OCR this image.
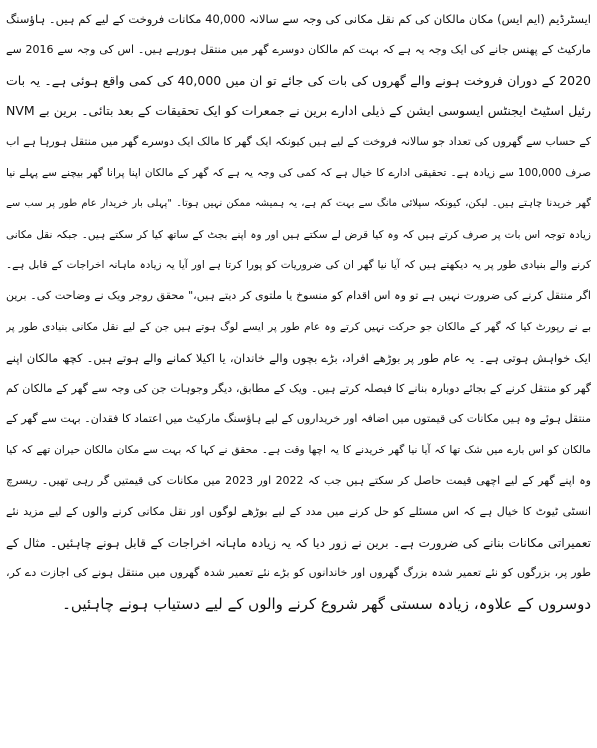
ایسٹرڈیم (ایم ایس) مکان مالکان کی کم نقل مکانی کی وجہ سے سالانہ 40,000 مکانات فروخت کے لیے کم ہیں۔ ہاؤسنگ
مارکیٹ کے پھنس جانے کی ایک وجہ یہ ہے کہ بہت کم مالکان دوسرے گھر میں منتقل ہورہے ہیں۔ اس کی وجہ سے 2016 سے
2020 کے دوران فروخت ہونے والے گھروں کی بات کی جائے تو ان میں 40,000 کی کمی واقع ہوئی ہے۔ یہ بات
NVM رئیل اسٹیٹ ایجنٹس ایسوسی ایشن کے ذیلی ادارے برین نے جمعرات کو ایک تحقیقات کے بعد بتائی۔ برین بے
کے حساب سے گھروں کی تعداد جو سالانہ فروخت کے لیے ہیں کیونکہ ایک گھر کا مالک ایک دوسرے گھر میں منتقل ہورہا ہے اب
صرف 100,000 سے زیادہ ہے۔ تحقیقی ادارے کا خیال ہے کہ کمی کی وجہ یہ ہے کہ گھر کے مالکان اپنا پرانا گھر بیچنے سے پہلے نیا
گھر خریدنا چاہتے ہیں۔ لیکن، کیونکہ سپلائی مانگ سے بہت کم ہے، یہ ہمیشہ ممکن نہیں ہوتا۔ "پہلی بار خریدار عام طور پر سب سے
زیادہ توجہ اس بات پر صرف کرتے ہیں کہ وہ کیا قرض لے سکتے ہیں اور وہ اپنے بجٹ کے ساتھ کیا کر سکتے ہیں۔ جبکہ نقل مکانی
کرنے والے بنیادی طور پر یہ دیکھتے ہیں کہ آیا نیا گھر ان کی ضروریات کو پورا کرتا ہے اور آیا یہ زیادہ ماہانہ اخراجات کے قابل ہے۔
اگر منتقل کرنے کی ضرورت نہیں ہے تو وہ اس اقدام کو منسوخ یا ملتوی کر دیتے ہیں،" محقق روجر ویک نے وضاحت کی۔ برین
بے نے رپورٹ کیا کہ گھر کے مالکان جو حرکت نہیں کرتے وہ عام طور پر ایسے لوگ ہوتے ہیں جن کے لیے نقل مکانی بنیادی طور پر
ایک خواہش ہوتی ہے۔ یہ عام طور پر بوڑھے افراد، بڑے بچوں والے خاندان، یا اکیلا کمانے والے ہوتے ہیں۔ کچھ مالکان اپنے
گھر کو منتقل کرنے کے بجائے دوبارہ بنانے کا فیصلہ کرتے ہیں۔ ویک کے مطابق، دیگر وجوہات جن کی وجہ سے گھر کے مالکان کم
منتقل ہوئے وہ ہیں مکانات کی قیمتوں میں اضافہ اور خریداروں کے لیے ہاؤسنگ مارکیٹ میں اعتماد کا فقدان۔ بہت سے گھر کے
مالکان کو اس بارے میں شک تھا کہ آیا نیا گھر خریدنے کا یہ اچھا وقت ہے۔ محقق نے کہا کہ بہت سے مکان مالکان حیران تھے کہ کیا
وہ اپنے گھر کے لیے اچھی قیمت حاصل کر سکتے ہیں جب کہ 2022 اور 2023 میں مکانات کی قیمتیں گر رہی تھیں۔ ریسرچ
انسٹی ٹیوٹ کا خیال ہے کہ اس مسئلے کو حل کرنے میں مدد کے لیے بوڑھے لوگوں اور نقل مکانی کرنے والوں کے لیے مزید نئے
تعمیراتی مکانات بنانے کی ضرورت ہے۔ برین نے زور دیا کہ یہ زیادہ ماہانہ اخراجات کے قابل ہونے چاہئیں۔ مثال کے
طور پر، بزرگوں کو نئے تعمیر شدہ بزرگ گھروں اور خاندانوں کو بڑے نئے تعمیر شدہ گھروں میں منتقل ہونے کی اجازت دے کر،
دوسروں کے علاوہ، زیادہ سستی گھر شروع کرنے والوں کے لیے دستیاب ہونے چاہئیں۔
